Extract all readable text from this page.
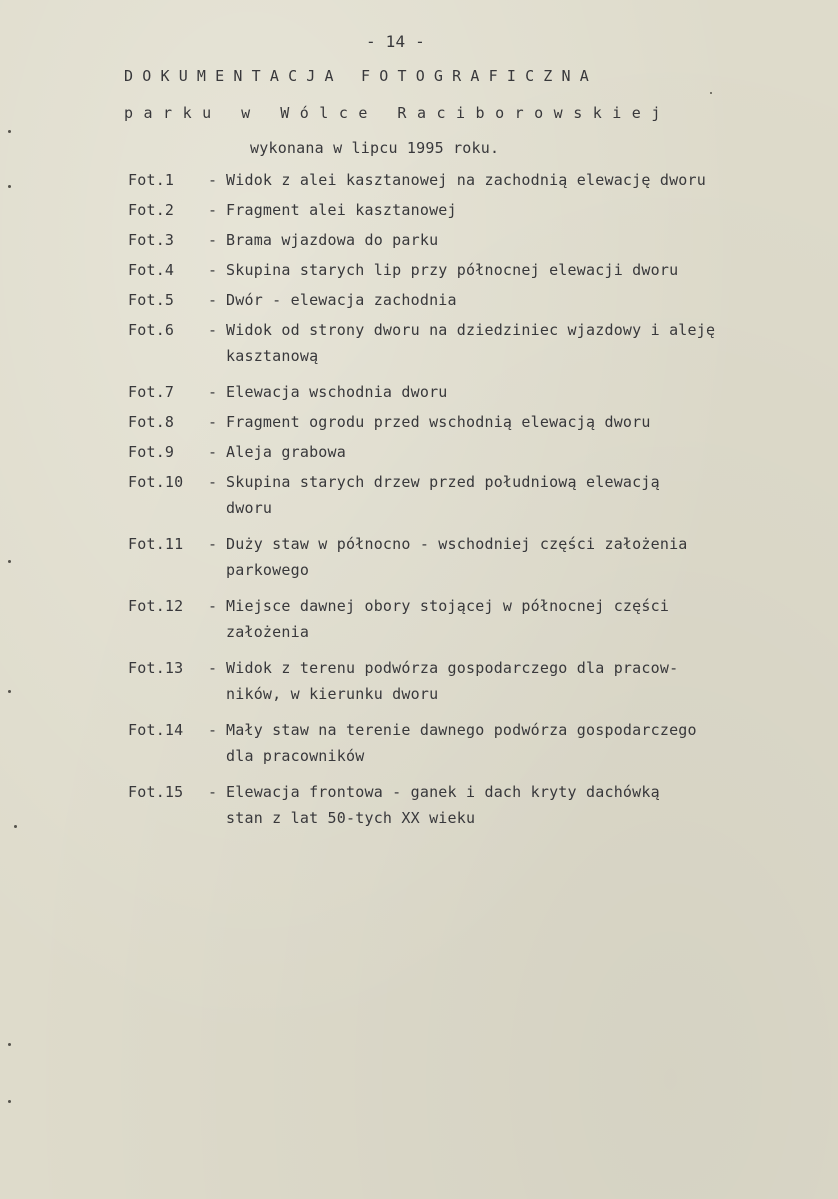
- 14 -
DOKUMENTACJA FOTOGRAFICZNA
parku w Wólce Raciborowskiej
wykonana w lipcu 1995 roku.
Fot.1	- Widok z alei kasztanowej na zachodnią elewację dworu
Fot.2	- Fragment alei kasztanowej
Fot.3	- Brama wjazdowa do parku
Fot.4	- Skupina starych lip przy północnej elewacji dworu
Fot.5	- Dwór - elewacja zachodnia
Fot.6	- Widok od strony dworu na dziedziniec wjazdowy i aleję
kasztanową
Fot.7	- Elewacja wschodnia dworu
Fot.8	- Fragment ogrodu przed wschodnią elewacją dworu
Fot.9	- Aleja grabowa
Fot.10	- Skupina starych drzew przed południową elewacją
dworu
Fot.11	- Duży staw w północno - wschodniej części założenia
parkowego
Fot.12	- Miejsce dawnej obory stojącej w północnej części
założenia
Fot.13	- Widok z terenu podwórza gospodarczego dla pracow-
ników, w kierunku dworu
Fot.14	- Mały staw na terenie dawnego podwórza gospodarczego
dla pracowników
Fot.15	- Elewacja frontowa - ganek i dach kryty dachówką
stan z lat 50-tych XX wieku
